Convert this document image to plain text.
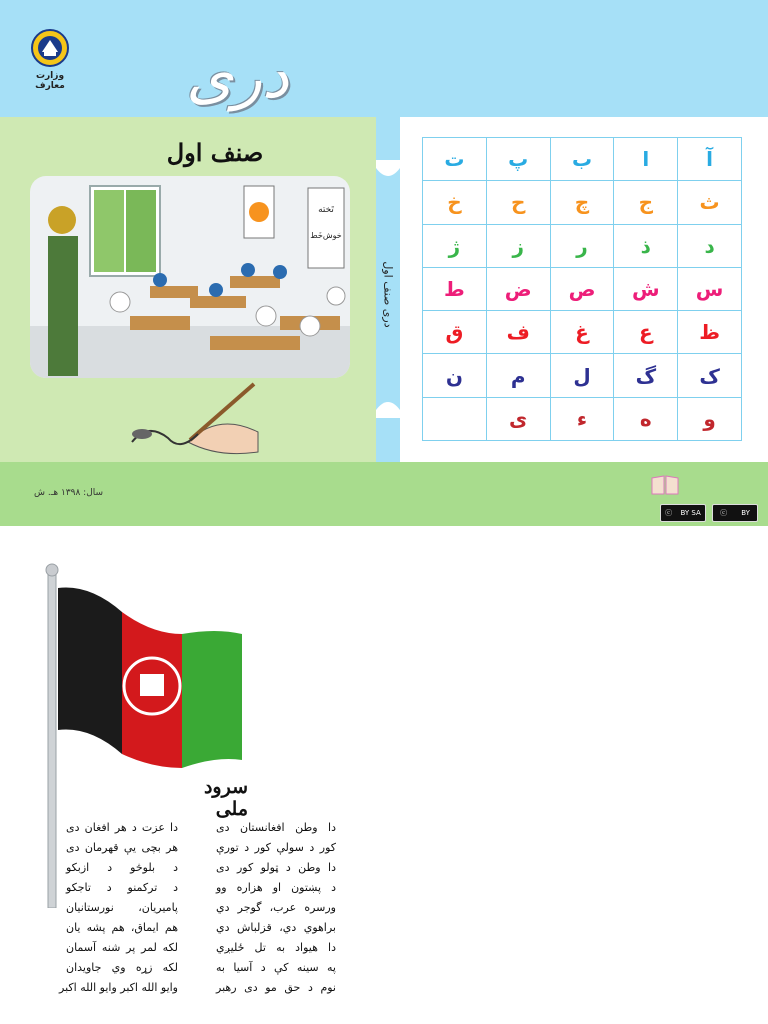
وزارت معارف دری
صنف اول
تَخته
خوش‌خَط
دری صنف اول
آ
ا
ب
پ
ت
ث
ج
چ
ح
خ
د
ذ
ر
ز
ژ
س
ش
ص
ض
ط
ظ
ع
غ
ف
ق
ک
گ
ل
م
ن
و
ه
ء
ی
سال: ۱۳۹۸ هـ. ش
ⓒ BY SA	ⓒ BY
سرود ملی
دا وطن افغانستان دی
کور د سولې کور د تورې
دا وطن د ټولو کور دی
د پښتون او هزاره وو
ورسره عرب، گوجر دي
براهوي دي، قزلباش دي
دا هیواد به تل ځلیږي
په سینه کې د آسیا به
نوم د حق مو دی رهبر
دا عزت د هر افغان دی
هر بچی یې قهرمان دی
د بلوڅو د ازبکو
د ترکمنو د تاجکو
پامیریان، نورستانیان
هم ایماق، هم پشه یان
لکه لمر پر شنه آسمان
لکه زړه وي جاویدان
وایو الله اکبر وایو الله اکبر
